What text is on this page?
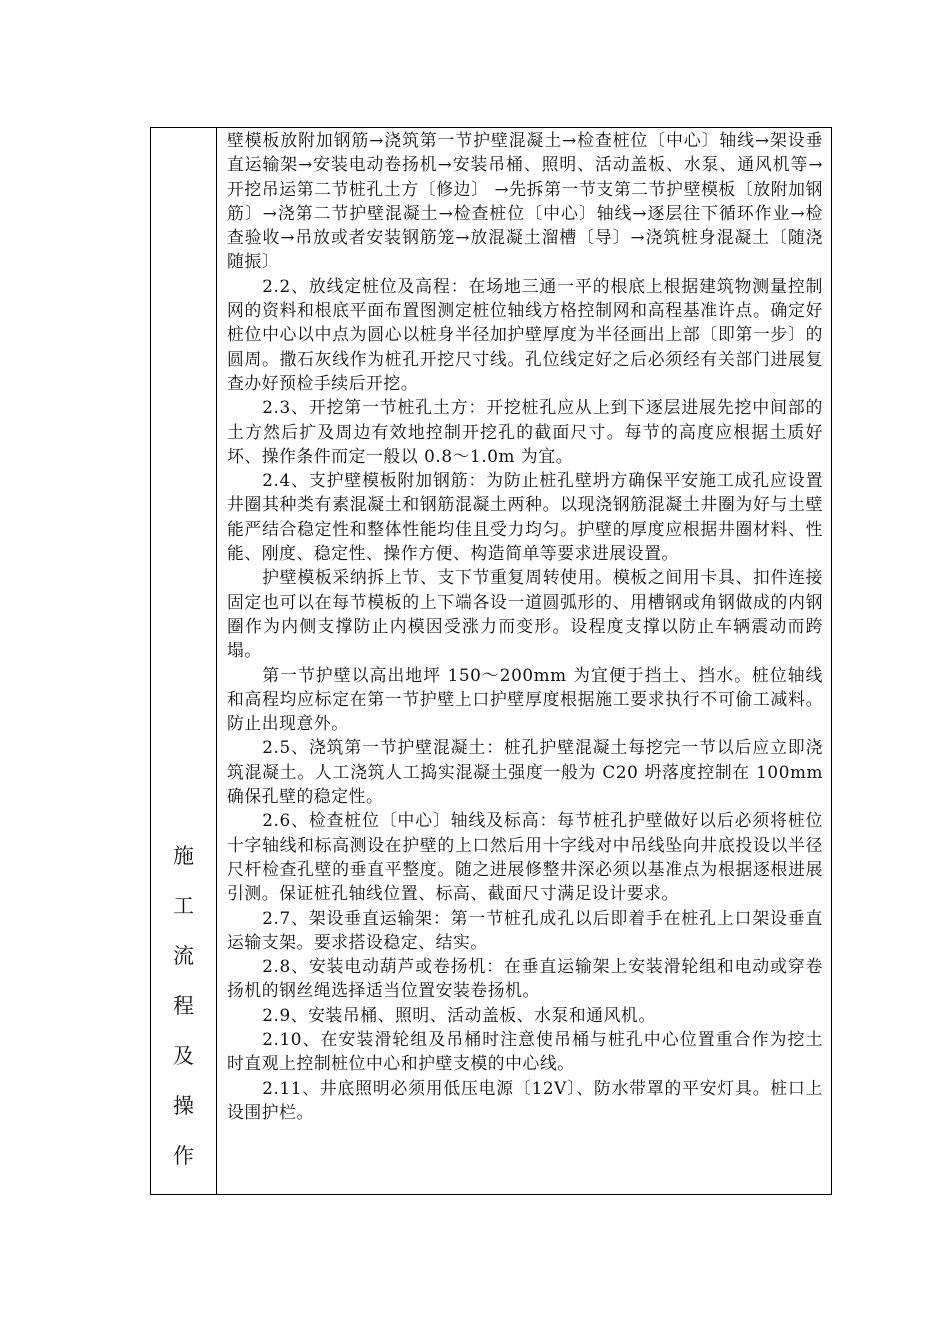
施
工
流
程
及
操
作

壁模板放附加钢筋→浇筑第一节护壁混凝土→检查桩位〔中心〕轴线→架设垂直运输架→安装电动卷扬机→安装吊桶、照明、活动盖板、水泵、通风机等→开挖吊运第二节桩孔土方〔修边〕 →先拆第一节支第二节护壁模板〔放附加钢筋〕→浇第二节护壁混凝土→检查桩位〔中心〕轴线→逐层往下循环作业→检查验收→吊放或者安装钢筋笼→放混凝土溜槽〔导〕→浇筑桩身混凝土〔随浇随振〕

2.2、放线定桩位及高程：在场地三通一平的根底上根据建筑物测量控制网的资料和根底平面布置图测定桩位轴线方格控制网和高程基准许点。确定好桩位中心以中点为圆心以桩身半径加护壁厚度为半径画出上部〔即第一步〕的圆周。撒石灰线作为桩孔开挖尺寸线。孔位线定好之后必须经有关部门进展复查办好预检手续后开挖。

2.3、开挖第一节桩孔土方：开挖桩孔应从上到下逐层进展先挖中间部的土方然后扩及周边有效地控制开挖孔的截面尺寸。每节的高度应根据土质好坏、操作条件而定一般以 0.8～1.0m 为宜。

2.4、支护壁模板附加钢筋：为防止桩孔壁坍方确保平安施工成孔应设置井圈其种类有素混凝土和钢筋混凝土两种。以现浇钢筋混凝土井圈为好与土壁能严结合稳定性和整体性能均佳且受力均匀。护壁的厚度应根据井圈材料、性能、刚度、稳定性、操作方便、构造简单等要求进展设置。

护壁模板采纳拆上节、支下节重复周转使用。模板之间用卡具、扣件连接固定也可以在每节模板的上下端各设一道圆弧形的、用槽钢或角钢做成的内钢圈作为内侧支撑防止内模因受涨力而变形。设程度支撑以防止车辆震动而跨塌。

第一节护壁以高出地坪 150～200mm 为宜便于挡土、挡水。桩位轴线和高程均应标定在第一节护壁上口护壁厚度根据施工要求执行不可偷工减料。防止出现意外。

2.5、浇筑第一节护壁混凝土：桩孔护壁混凝土每挖完一节以后应立即浇筑混凝土。人工浇筑人工捣实混凝土强度一般为 C20 坍落度控制在 100mm 确保孔壁的稳定性。

2.6、检查桩位〔中心〕轴线及标高：每节桩孔护壁做好以后必须将桩位十字轴线和标高测设在护壁的上口然后用十字线对中吊线坠向井底投设以半径尺杆检查孔壁的垂直平整度。随之进展修整井深必须以基准点为根据逐根进展引测。保证桩孔轴线位置、标高、截面尺寸满足设计要求。

2.7、架设垂直运输架：第一节桩孔成孔以后即着手在桩孔上口架设垂直运输支架。要求搭设稳定、结实。

2.8、安装电动葫芦或卷扬机：在垂直运输架上安装滑轮组和电动或穿卷扬机的钢丝绳选择适当位置安装卷扬机。

2.9、安装吊桶、照明、活动盖板、水泵和通风机。

2.10、在安装滑轮组及吊桶时注意使吊桶与桩孔中心位置重合作为挖土时直观上控制桩位中心和护壁支模的中心线。

2.11、井底照明必须用低压电源〔12V〕、防水带罩的平安灯具。桩口上设围护栏。
